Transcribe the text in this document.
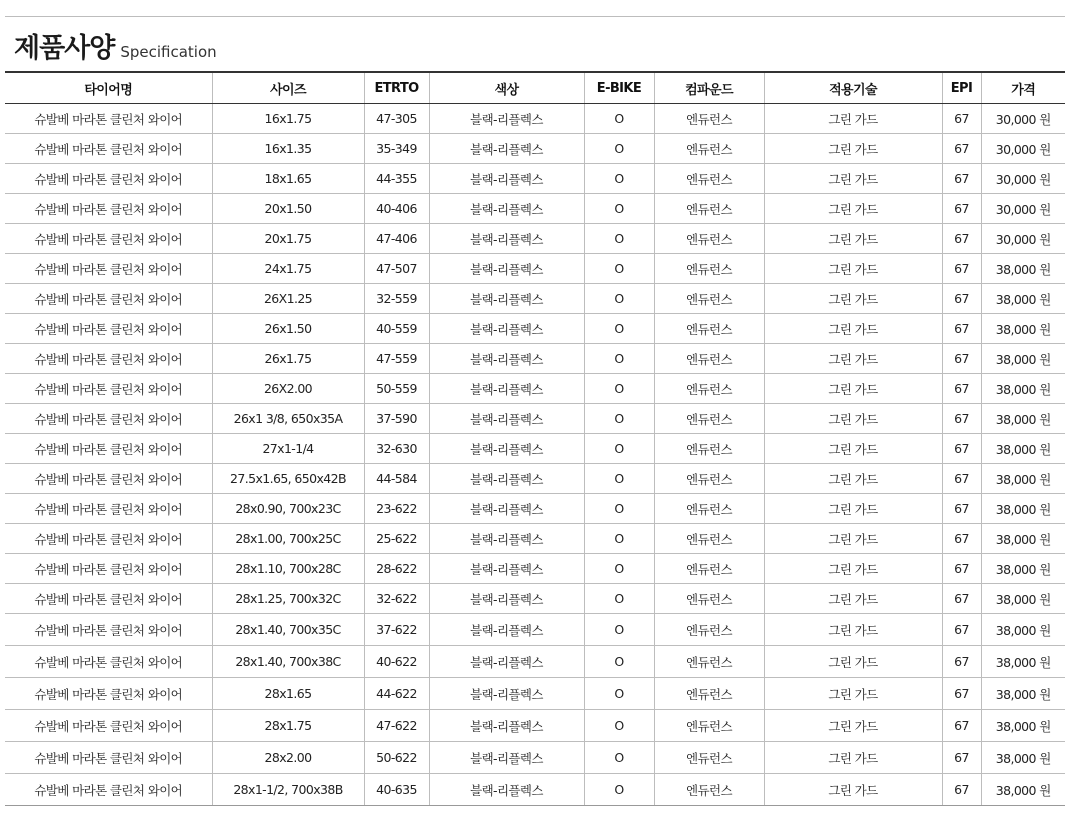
제품사양 Specification
타이어명	사이즈	ETRTO	색상	E-BIKE	컴파운드	적용기술	EPI	가격
슈발베 마라톤 클린처 와이어	16x1.75	47-305	블랙-리플렉스	O	엔듀런스	그린 가드	67	30,000 원
슈발베 마라톤 클린처 와이어	16x1.35	35-349	블랙-리플렉스	O	엔듀런스	그린 가드	67	30,000 원
슈발베 마라톤 클린처 와이어	18x1.65	44-355	블랙-리플렉스	O	엔듀런스	그린 가드	67	30,000 원
슈발베 마라톤 클린처 와이어	20x1.50	40-406	블랙-리플렉스	O	엔듀런스	그린 가드	67	30,000 원
슈발베 마라톤 클린처 와이어	20x1.75	47-406	블랙-리플렉스	O	엔듀런스	그린 가드	67	30,000 원
슈발베 마라톤 클린처 와이어	24x1.75	47-507	블랙-리플렉스	O	엔듀런스	그린 가드	67	38,000 원
슈발베 마라톤 클린처 와이어	26X1.25	32-559	블랙-리플렉스	O	엔듀런스	그린 가드	67	38,000 원
슈발베 마라톤 클린처 와이어	26x1.50	40-559	블랙-리플렉스	O	엔듀런스	그린 가드	67	38,000 원
슈발베 마라톤 클린처 와이어	26x1.75	47-559	블랙-리플렉스	O	엔듀런스	그린 가드	67	38,000 원
슈발베 마라톤 클린처 와이어	26X2.00	50-559	블랙-리플렉스	O	엔듀런스	그린 가드	67	38,000 원
슈발베 마라톤 클린처 와이어	26x1 3/8, 650x35A	37-590	블랙-리플렉스	O	엔듀런스	그린 가드	67	38,000 원
슈발베 마라톤 클린처 와이어	27x1-1/4	32-630	블랙-리플렉스	O	엔듀런스	그린 가드	67	38,000 원
슈발베 마라톤 클린처 와이어	27.5x1.65, 650x42B	44-584	블랙-리플렉스	O	엔듀런스	그린 가드	67	38,000 원
슈발베 마라톤 클린처 와이어	28x0.90, 700x23C	23-622	블랙-리플렉스	O	엔듀런스	그린 가드	67	38,000 원
슈발베 마라톤 클린처 와이어	28x1.00, 700x25C	25-622	블랙-리플렉스	O	엔듀런스	그린 가드	67	38,000 원
슈발베 마라톤 클린처 와이어	28x1.10, 700x28C	28-622	블랙-리플렉스	O	엔듀런스	그린 가드	67	38,000 원
슈발베 마라톤 클린처 와이어	28x1.25, 700x32C	32-622	블랙-리플렉스	O	엔듀런스	그린 가드	67	38,000 원
슈발베 마라톤 클린처 와이어	28x1.40, 700x35C	37-622	블랙-리플렉스	O	엔듀런스	그린 가드	67	38,000 원
슈발베 마라톤 클린처 와이어	28x1.40, 700x38C	40-622	블랙-리플렉스	O	엔듀런스	그린 가드	67	38,000 원
슈발베 마라톤 클린처 와이어	28x1.65	44-622	블랙-리플렉스	O	엔듀런스	그린 가드	67	38,000 원
슈발베 마라톤 클린처 와이어	28x1.75	47-622	블랙-리플렉스	O	엔듀런스	그린 가드	67	38,000 원
슈발베 마라톤 클린처 와이어	28x2.00	50-622	블랙-리플렉스	O	엔듀런스	그린 가드	67	38,000 원
슈발베 마라톤 클린처 와이어	28x1-1/2, 700x38B	40-635	블랙-리플렉스	O	엔듀런스	그린 가드	67	38,000 원
